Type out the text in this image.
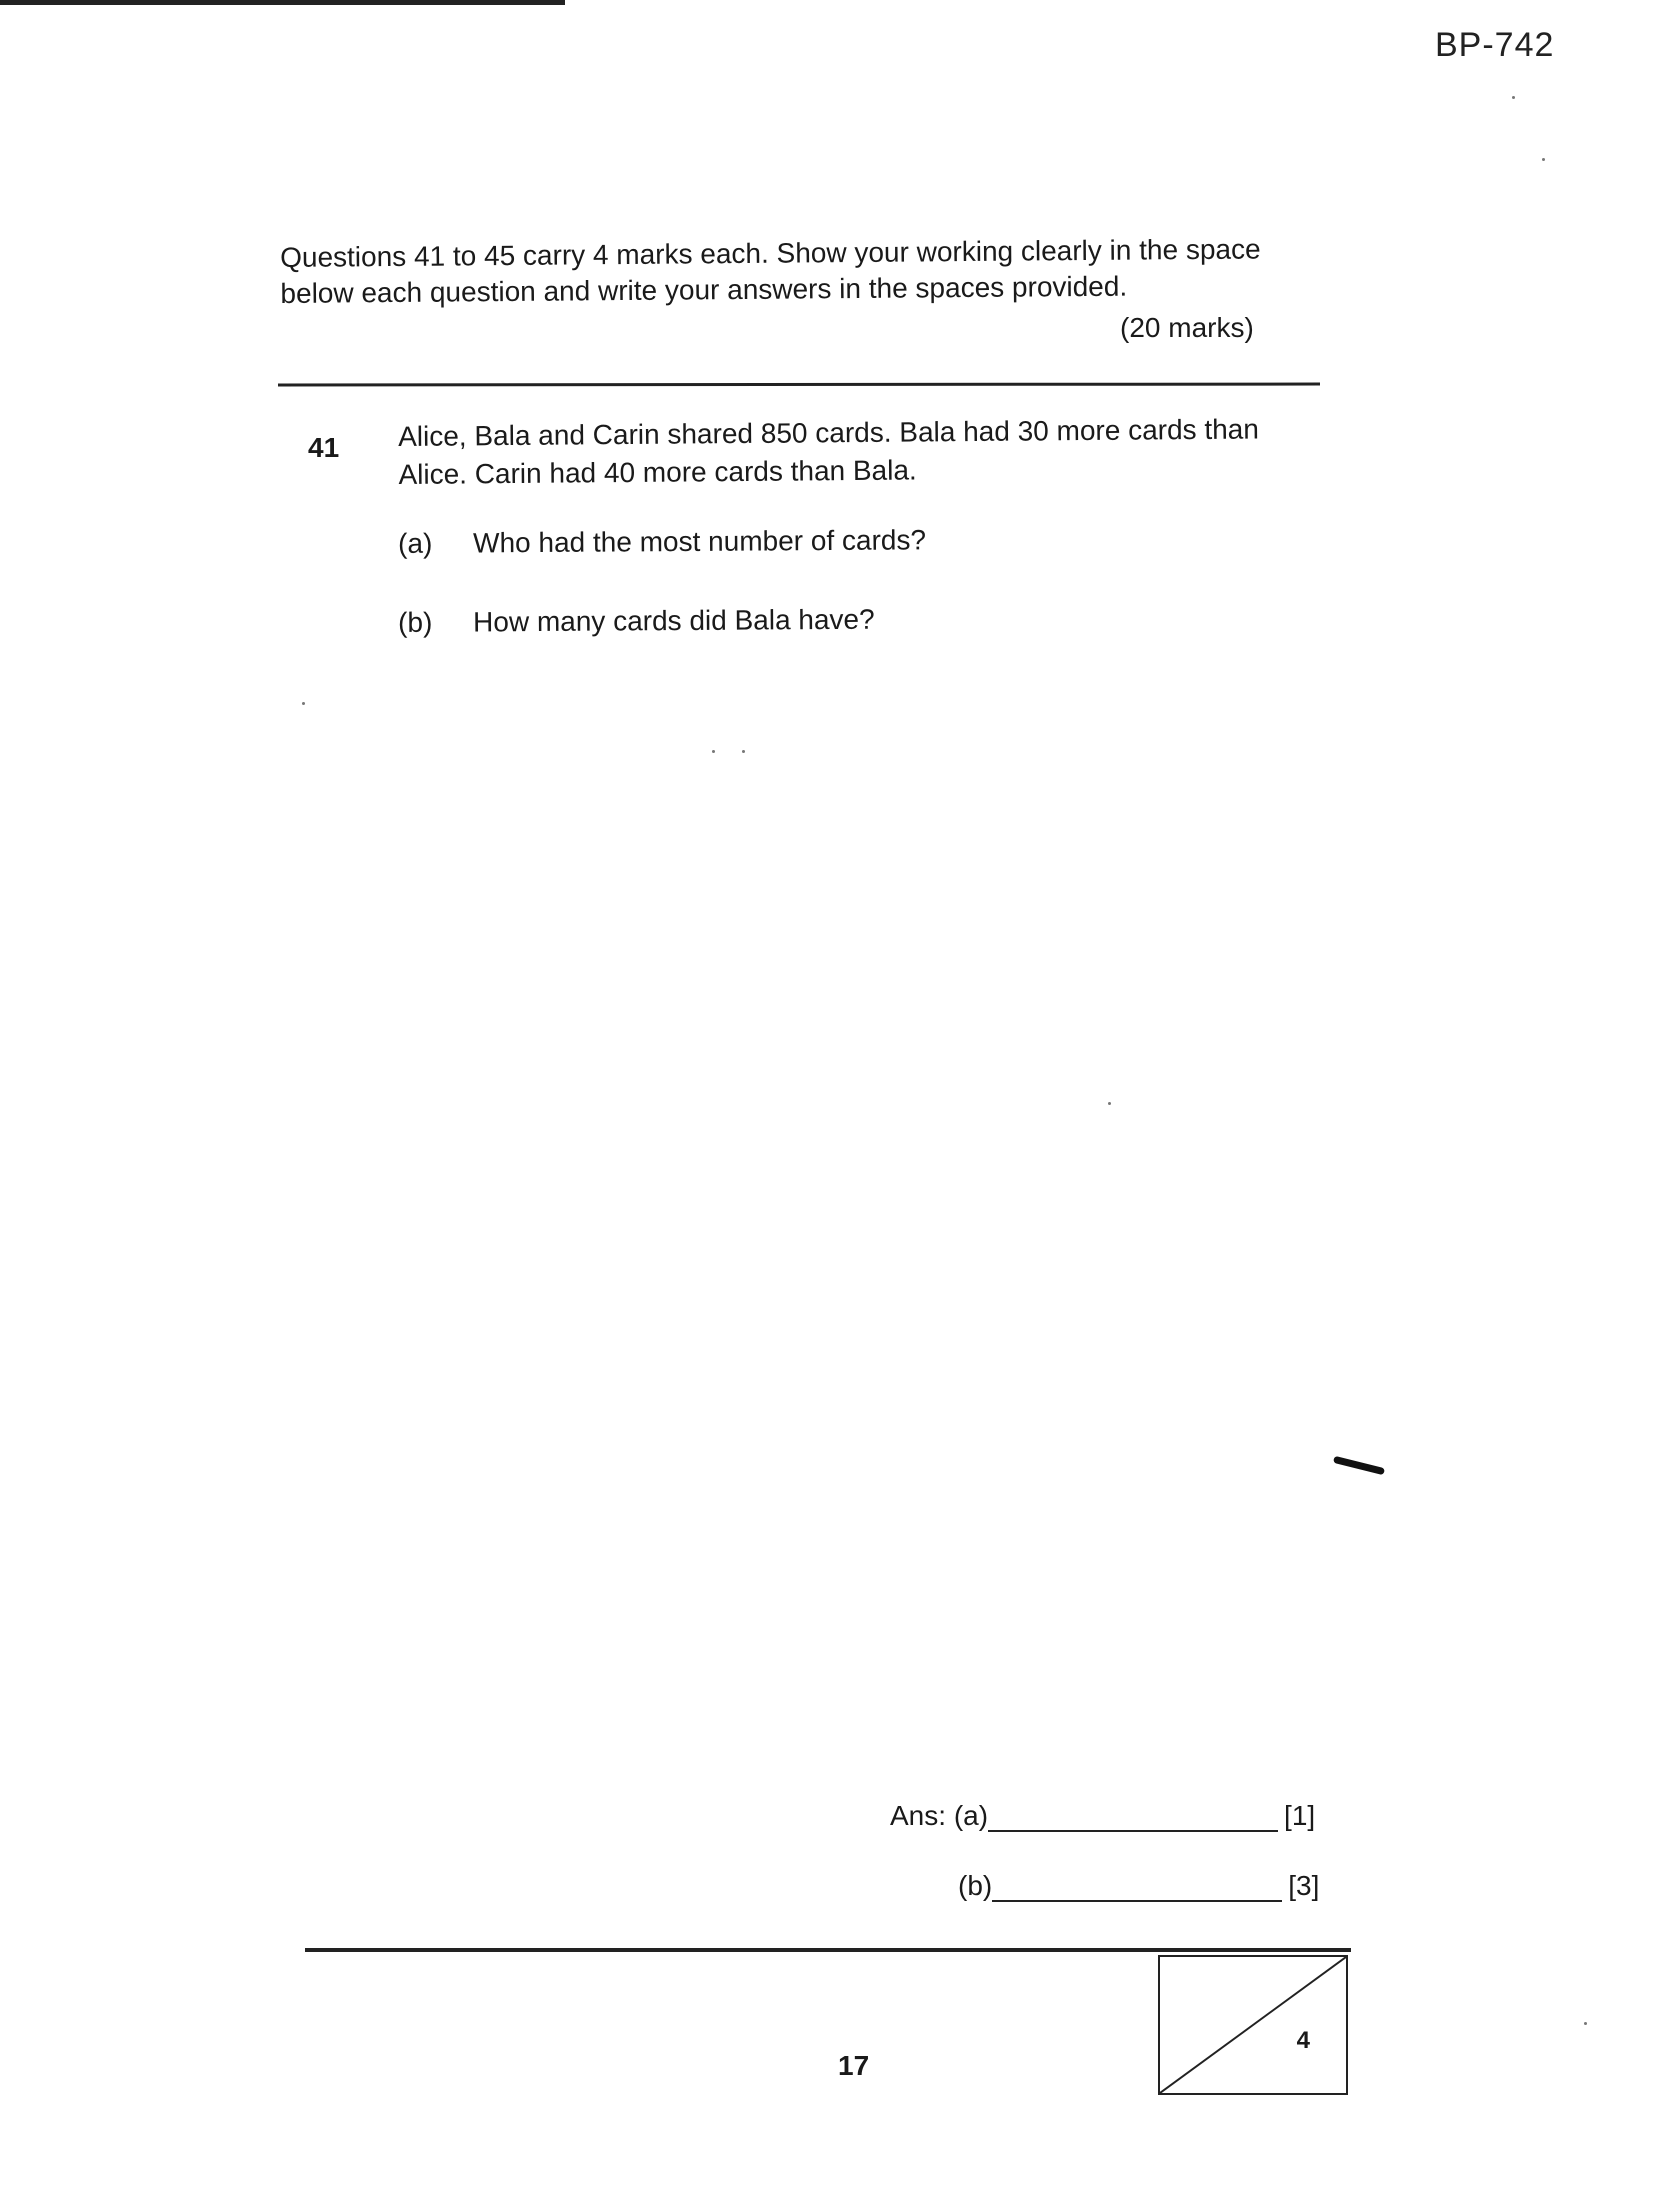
BP-742
Questions 41 to 45 carry 4 marks each. Show your working clearly in the space below each question and write your answers in the spaces provided.
(20 marks)
41 Alice, Bala and Carin shared 850 cards. Bala had 30 more cards than Alice. Carin had 40 more cards than Bala.
(a) Who had the most number of cards?
(b) How many cards did Bala have?
Ans:
(a)	[1]
(b)	[3]
17
4
